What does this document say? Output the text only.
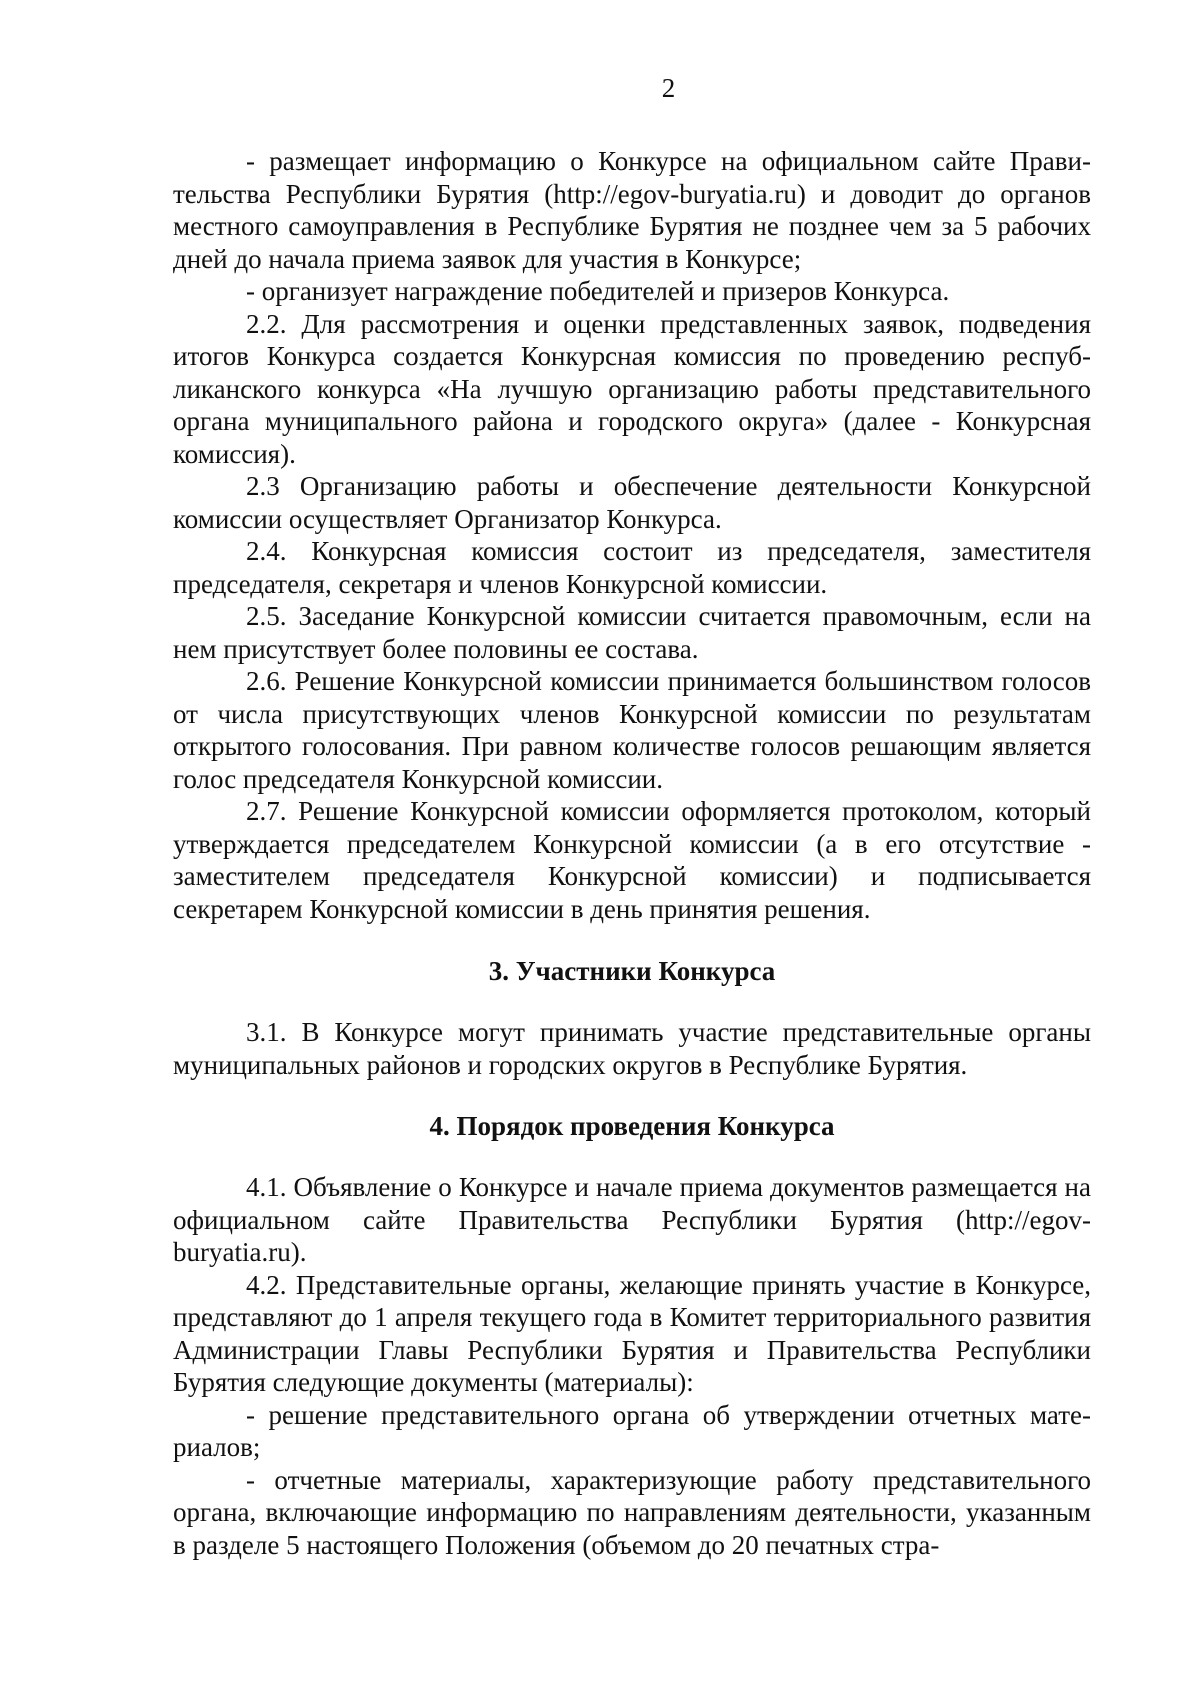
2

- размещает информацию о Конкурсе на официальном сайте Правительства Республики Бурятия (http://egov-buryatia.ru) и доводит до органов местного самоуправления в Республике Бурятия не позднее чем за 5 рабочих дней до начала приема заявок для участия в Конкурсе;

- организует награждение победителей и призеров Конкурса.

2.2. Для рассмотрения и оценки представленных заявок, подведения итогов Конкурса создается Конкурсная комиссия по проведению республиканского конкурса «На лучшую организацию работы представительного органа муниципального района и городского округа» (далее - Конкурсная комиссия).

2.3 Организацию работы и обеспечение деятельности Конкурсной комиссии осуществляет Организатор Конкурса.

2.4. Конкурсная комиссия состоит из председателя, заместителя председателя, секретаря и членов Конкурсной комиссии.

2.5. Заседание Конкурсной комиссии считается правомочным, если на нем присутствует более половины ее состава.

2.6. Решение Конкурсной комиссии принимается большинством голосов от числа присутствующих членов Конкурсной комиссии по результатам открытого голосования. При равном количестве голосов решающим является голос председателя Конкурсной комиссии.

2.7. Решение Конкурсной комиссии оформляется протоколом, который утверждается председателем Конкурсной комиссии (а в его отсутствие - заместителем председателя Конкурсной комиссии) и подписывается секретарем Конкурсной комиссии в день принятия решения.

3. Участники Конкурса

3.1. В Конкурсе могут принимать участие представительные органы муниципальных районов и городских округов в Республике Бурятия.

4. Порядок проведения Конкурса

4.1. Объявление о Конкурсе и начале приема документов размещается на официальном сайте Правительства Республики Бурятия (http://egov-buryatia.ru).

4.2. Представительные органы, желающие принять участие в Конкурсе, представляют до 1 апреля текущего года в Комитет территориального развития Администрации Главы Республики Бурятия и Правительства Республики Бурятия следующие документы (материалы):

- решение представительного органа об утверждении отчетных материалов;

- отчетные материалы, характеризующие работу представительного органа, включающие информацию по направлениям деятельности, указанным в разделе 5 настоящего Положения (объемом до 20 печатных стра-
